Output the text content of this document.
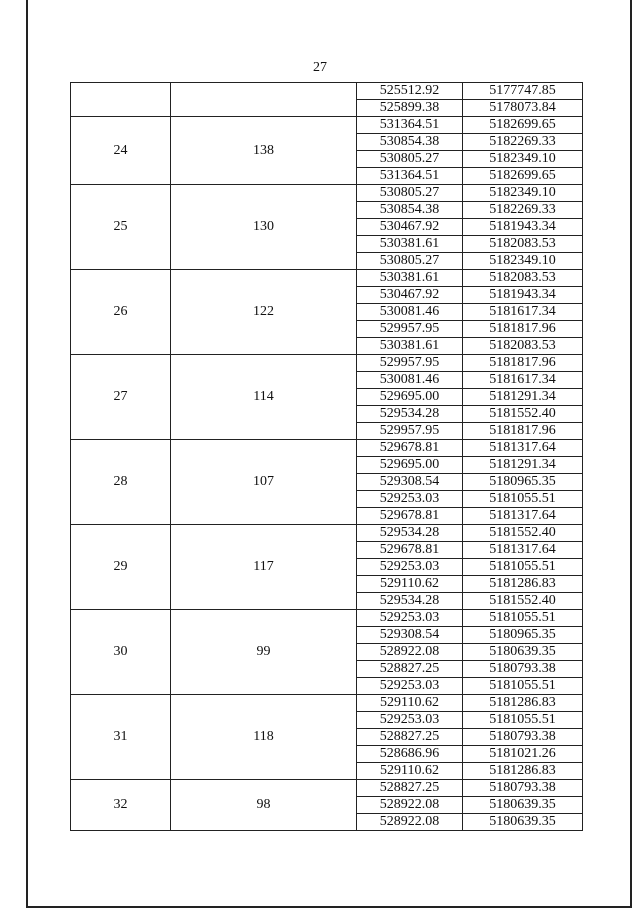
27
		525512.92	5177747.85
		525899.38	5178073.84
24	138	531364.51	5182699.65
		530854.38	5182269.33
		530805.27	5182349.10
		531364.51	5182699.65
25	130	530805.27	5182349.10
		530854.38	5182269.33
		530467.92	5181943.34
		530381.61	5182083.53
		530805.27	5182349.10
26	122	530381.61	5182083.53
		530467.92	5181943.34
		530081.46	5181617.34
		529957.95	5181817.96
		530381.61	5182083.53
27	114	529957.95	5181817.96
		530081.46	5181617.34
		529695.00	5181291.34
		529534.28	5181552.40
		529957.95	5181817.96
28	107	529678.81	5181317.64
		529695.00	5181291.34
		529308.54	5180965.35
		529253.03	5181055.51
		529678.81	5181317.64
29	117	529534.28	5181552.40
		529678.81	5181317.64
		529253.03	5181055.51
		529110.62	5181286.83
		529534.28	5181552.40
30	99	529253.03	5181055.51
		529308.54	5180965.35
		528922.08	5180639.35
		528827.25	5180793.38
		529253.03	5181055.51
31	118	529110.62	5181286.83
		529253.03	5181055.51
		528827.25	5180793.38
		528686.96	5181021.26
		529110.62	5181286.83
32	98	528827.25	5180793.38
		528922.08	5180639.35
		528922.08	5180639.35
